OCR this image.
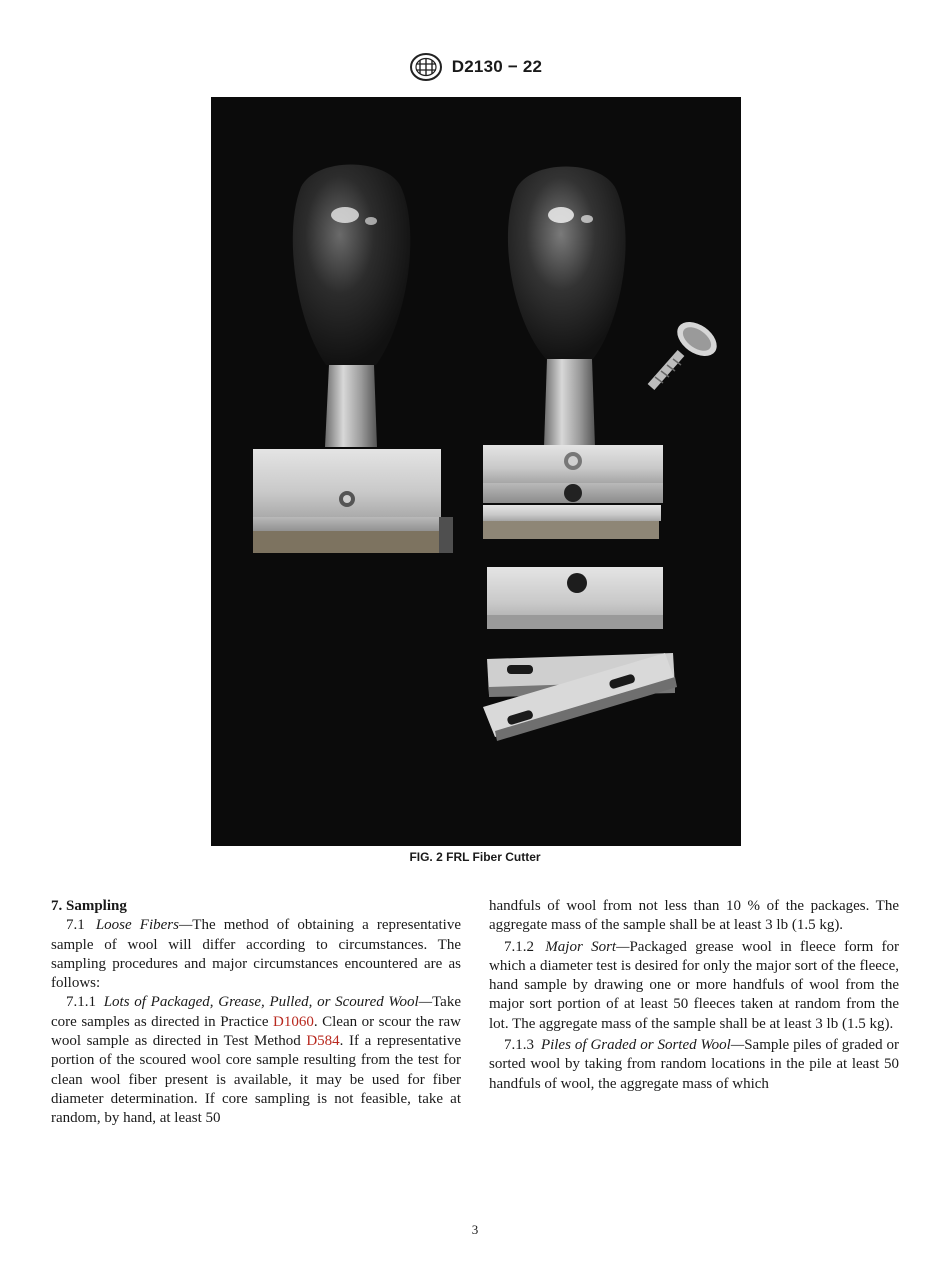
D2130 − 22
FIG. 2 FRL Fiber Cutter

7. Sampling

7.1 Loose Fibers—The method of obtaining a representative sample of wool will differ according to circumstances. The sampling procedures and major circumstances encountered are as follows:

7.1.1 Lots of Packaged, Grease, Pulled, or Scoured Wool—Take core samples as directed in Practice D1060. Clean or scour the raw wool sample as directed in Test Method D584. If a representative portion of the scoured wool core sample resulting from the test for clean wool fiber present is available, it may be used for fiber diameter determination. If core sampling is not feasible, take at random, by hand, at least 50

handfuls of wool from not less than 10 % of the packages. The aggregate mass of the sample shall be at least 3 lb (1.5 kg).

7.1.2 Major Sort—Packaged grease wool in fleece form for which a diameter test is desired for only the major sort of the fleece, hand sample by drawing one or more handfuls of wool from the major sort portion of at least 50 fleeces taken at random from the lot. The aggregate mass of the sample shall be at least 3 lb (1.5 kg).

7.1.3 Piles of Graded or Sorted Wool—Sample piles of graded or sorted wool by taking from random locations in the pile at least 50 handfuls of wool, the aggregate mass of which

3
